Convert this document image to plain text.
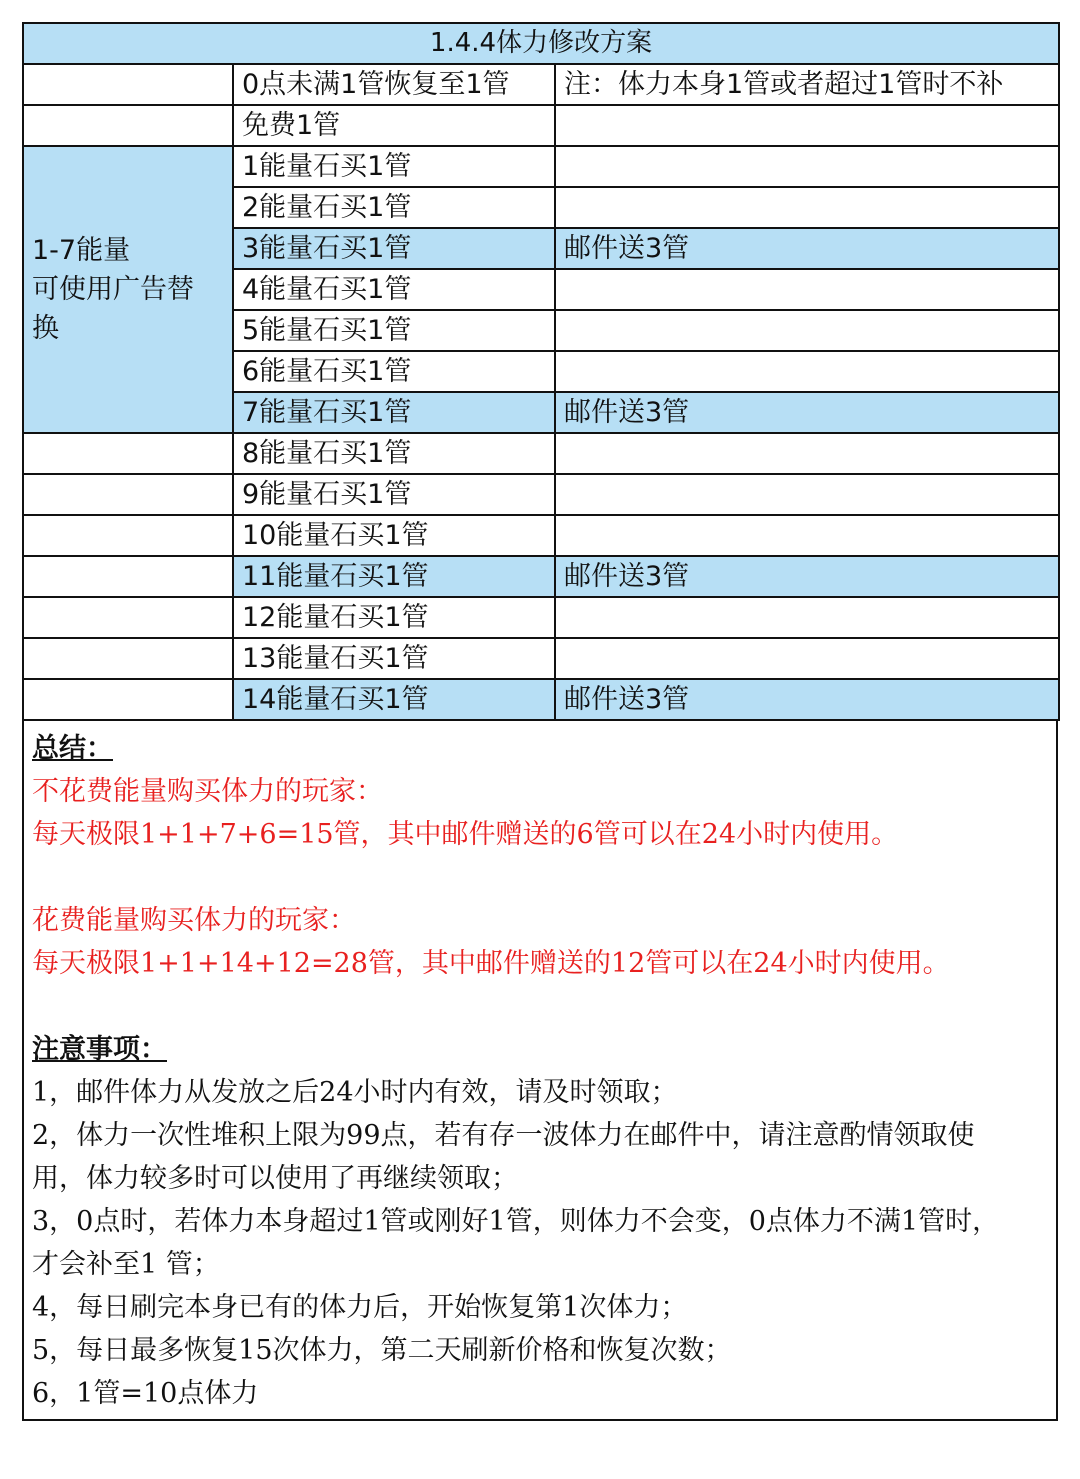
1.4.4体力修改方案		
	0点未满1管恢复至1管	注：体力本身1管或者超过1管时不补
	免费1管	

1-7能量
可使用广告替
换	1能量石买1管	
	2能量石买1管	
	3能量石买1管	邮件送3管
	4能量石买1管	
	5能量石买1管	
	6能量石买1管	
	7能量石买1管	邮件送3管
	8能量石买1管	
	9能量石买1管	
	10能量石买1管	
	11能量石买1管	邮件送3管
	12能量石买1管	
	13能量石买1管	
	14能量石买1管	邮件送3管
总结：
不花费能量购买体力的玩家：
每天极限1+1+7+6=15管，其中邮件赠送的6管可以在24小时内使用。
花费能量购买体力的玩家：
每天极限1+1+14+12=28管，其中邮件赠送的12管可以在24小时内使用。
注意事项：
1，邮件体力从发放之后24小时内有效，请及时领取；
2，体力一次性堆积上限为99点，若有存一波体力在邮件中，请注意酌情领取使
用，体力较多时可以使用了再继续领取；
3，0点时，若体力本身超过1管或刚好1管，则体力不会变，0点体力不满1管时，
才会补至1 管；
4，每日刷完本身已有的体力后，开始恢复第1次体力；
5，每日最多恢复15次体力，第二天刷新价格和恢复次数；
6，1管=10点体力
